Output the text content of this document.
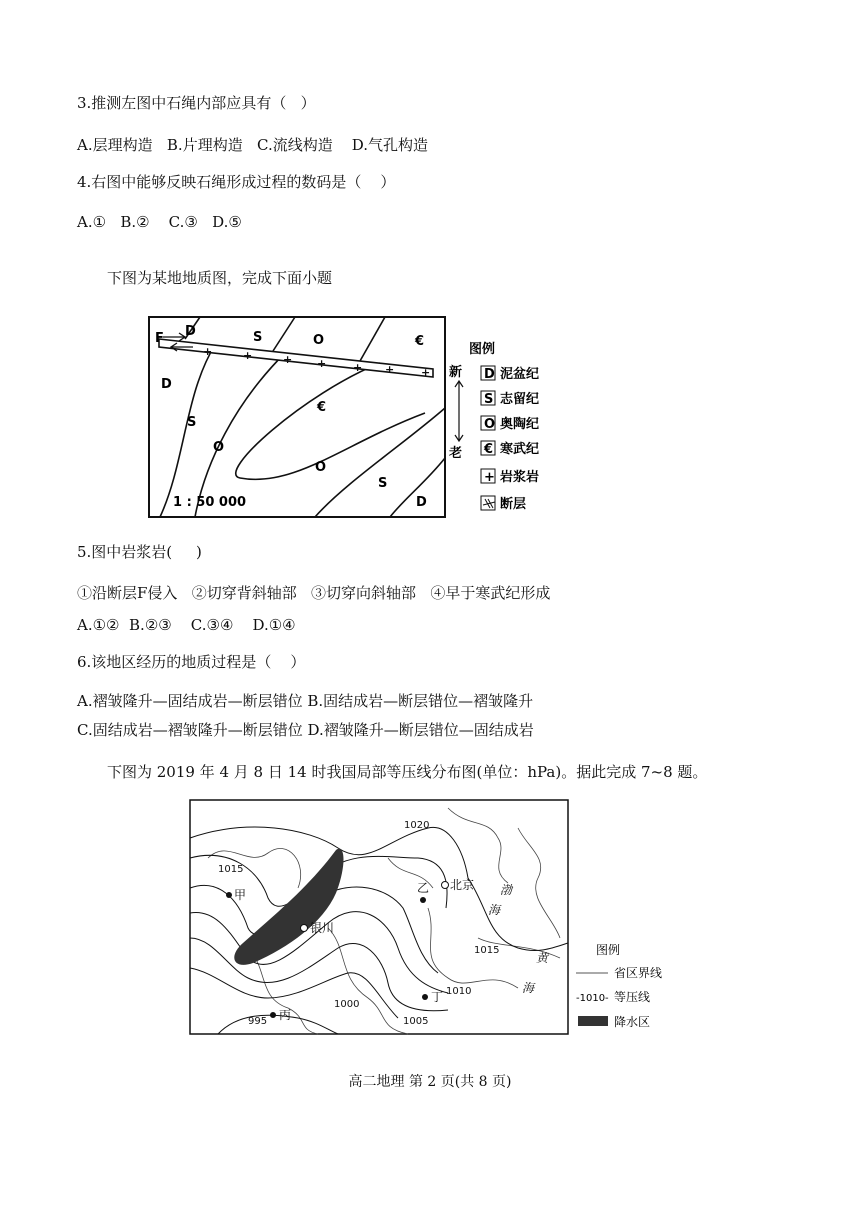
3.推测左图中石绳内部应具有（   ）
A.层理构造   B.片理构造   C.流线构造    D.气孔构造
4.右图中能够反映石绳形成过程的数码是（    ）
A.①   B.②    C.③   D.⑤
下图为某地地质图，完成下面小题
+	+	+ + + + +
F D	S	O	€
D
S
O
€
O
S
D
1 : 50 000
图例
新
老
D 泥盆纪
S 志留纪
O 奥陶纪
€ 寒武纪
+ 岩浆岩
断层
5.图中岩浆岩(     )
①沿断层F侵入   ②切穿背斜轴部   ③切穿向斜轴部   ④早于寒武纪形成
A.①②  B.②③    C.③④    D.①④
6.该地区经历的地质过程是（    ）
A.褶皱隆升—固结成岩—断层错位 B.固结成岩—断层错位—褶皱隆升
C.固结成岩—褶皱隆升—断层错位 D.褶皱隆升—断层错位—固结成岩
下图为 2019 年 4 月 8 日 14 时我国局部等压线分布图(单位：hPa)。据此完成 7~8 题。
1020
1015
1015
1010
1005
1000
995
甲	乙
丙
丁
北京
银川
渤
海
黄
海
图例
省区界线
-1010- 等压线
降水区
高二地理 第 2 页(共 8 页)
